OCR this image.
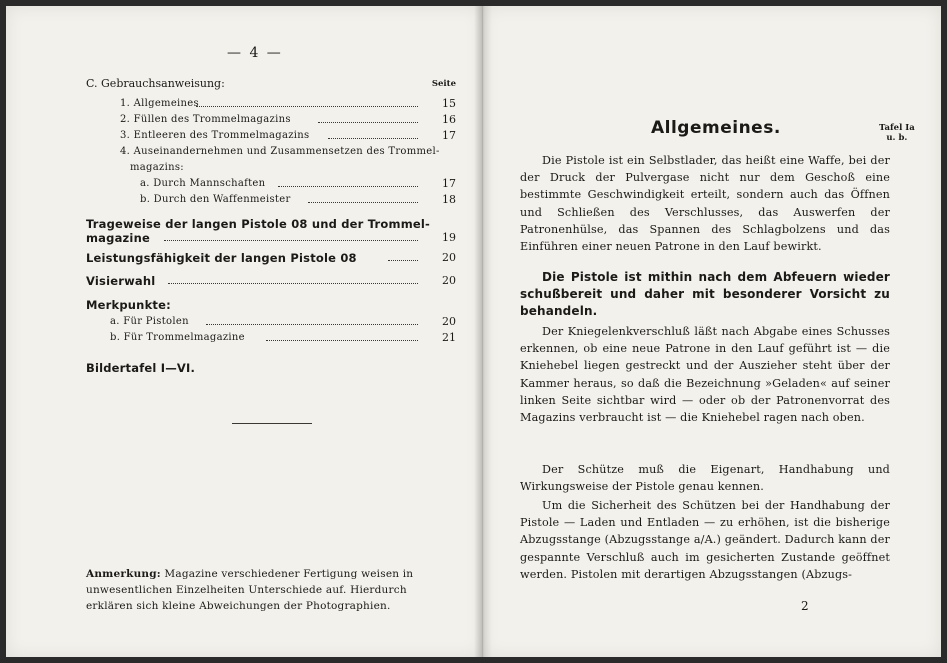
— 4 —
C. Gebrauchsanweisung:	Seite
1. Allgemeines	15
2. Füllen des Trommelmagazins	16
3. Entleeren des Trommelmagazins	17
4. Auseinandernehmen und Zusammensetzen des Trommel-
magazins:
a. Durch Mannschaften	17
b. Durch den Waffenmeister	18
Trageweise der langen Pistole 08 und der Trommel-
magazine	19
Leistungsfähigkeit der langen Pistole 08	20
Visierwahl	20
Merkpunkte:
a. Für Pistolen	20
b. Für Trommelmagazine	21
Bildertafel I—VI.
Anmerkung: Magazine verschiedener Fertigung weisen in unwesentlichen Einzelheiten Unterschiede auf. Hierdurch erklären sich kleine Abweichungen der Photographien.
Allgemeines.	Tafel Ia
u. b.
Die Pistole ist ein Selbstlader, das heißt eine Waffe, bei der der Druck der Pulvergase nicht nur dem Geschoß eine bestimmte Geschwindigkeit erteilt, sondern auch das Öffnen und Schließen des Verschlusses, das Auswerfen der Patronenhülse, das Spannen des Schlagbolzens und das Einführen einer neuen Patrone in den Lauf bewirkt.
Die Pistole ist mithin nach dem Abfeuern wieder schußbereit und daher mit besonderer Vorsicht zu behandeln.
Der Kniegelenkverschluß läßt nach Abgabe eines Schusses erkennen, ob eine neue Patrone in den Lauf geführt ist — die Kniehebel liegen gestreckt und der Auszieher steht über der Kammer heraus, so daß die Bezeichnung »Geladen« auf seiner linken Seite sichtbar wird — oder ob der Patronenvorrat des Magazins verbraucht ist — die Kniehebel ragen nach oben.
Der Schütze muß die Eigenart, Handhabung und Wirkungsweise der Pistole genau kennen.
Um die Sicherheit des Schützen bei der Handhabung der Pistole — Laden und Entladen — zu erhöhen, ist die bisherige Abzugsstange (Abzugsstange a/A.) geändert. Dadurch kann der gespannte Verschluß auch im gesicherten Zustande geöffnet werden. Pistolen mit derartigen Abzugsstangen (Abzugs-
2
